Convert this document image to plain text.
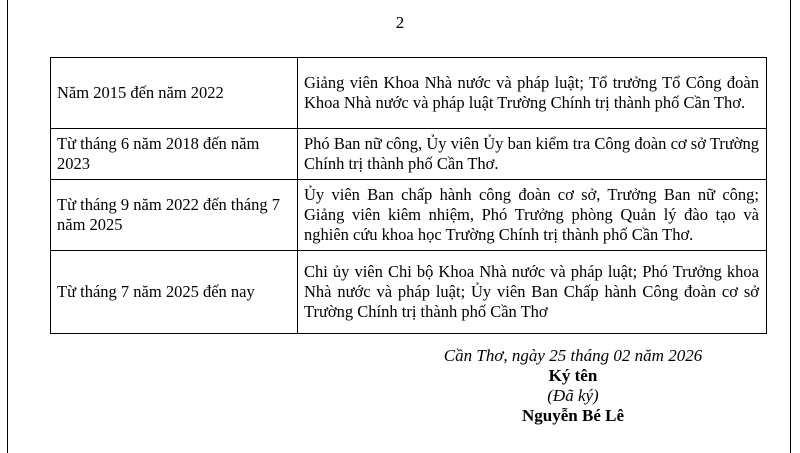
2
Năm 2015 đến năm 2022	Giảng viên Khoa Nhà nước và pháp luật; Tổ trưởng Tổ Công đoàn Khoa Nhà nước và pháp luật Trường Chính trị thành phố Cần Thơ.
Từ tháng 6 năm 2018 đến năm 2023	Phó Ban nữ công, Ủy viên Ủy ban kiểm tra Công đoàn cơ sở Trường Chính trị thành phố Cần Thơ.
Từ tháng 9 năm 2022 đến tháng 7 năm 2025	Ủy viên Ban chấp hành công đoàn cơ sở, Trưởng Ban nữ công; Giảng viên kiêm nhiệm, Phó Trưởng phòng Quản lý đào tạo và nghiên cứu khoa học Trường Chính trị thành phố Cần Thơ.
Từ tháng 7 năm 2025 đến nay	Chi ủy viên Chi bộ Khoa Nhà nước và pháp luật; Phó Trưởng khoa Nhà nước và pháp luật; Ủy viên Ban Chấp hành Công đoàn cơ sở Trường Chính trị thành phố Cần Thơ
Cần Thơ, ngày 25 tháng 02 năm 2026
Ký tên
(Đã ký)
Nguyễn Bé Lê
